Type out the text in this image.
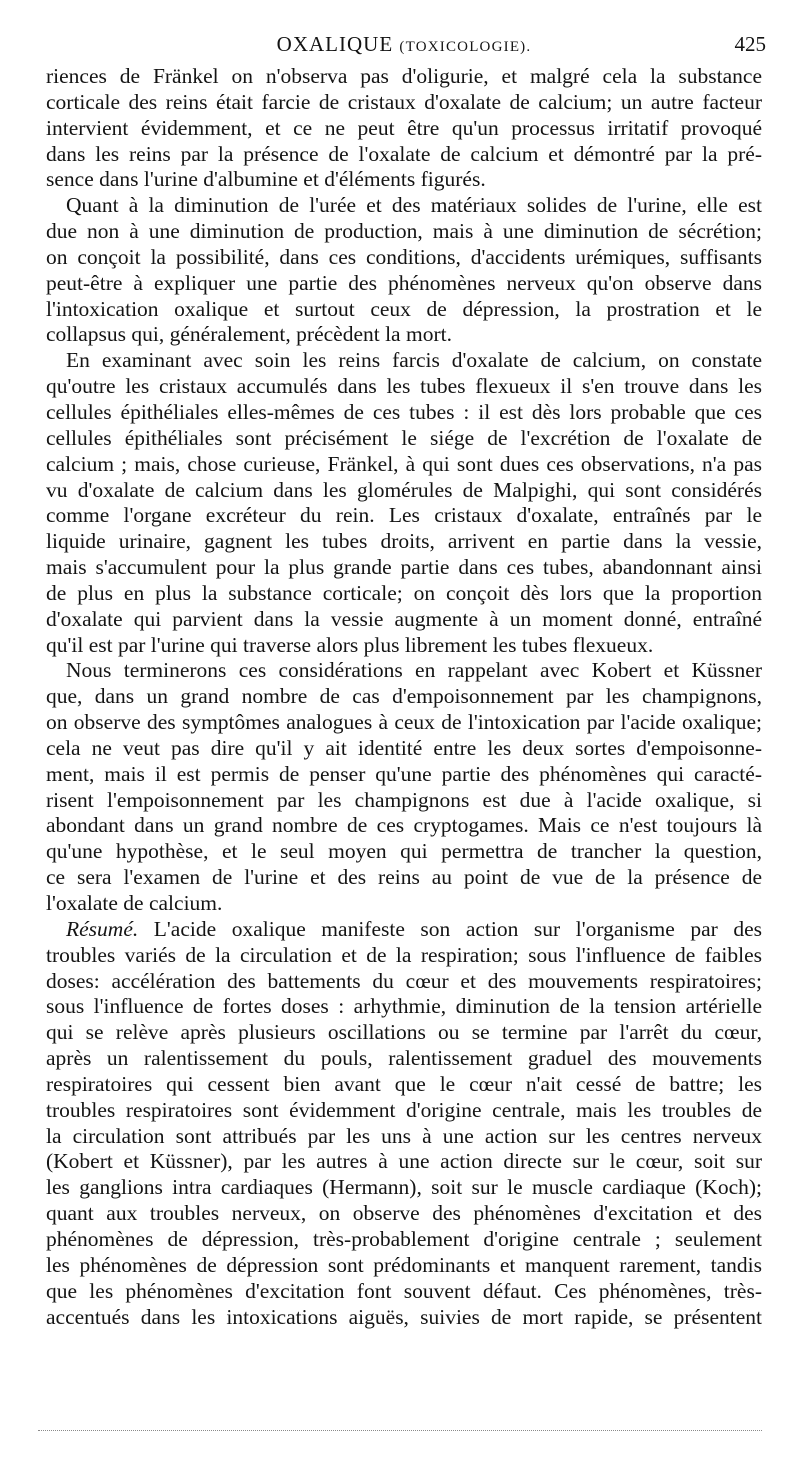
OXALIQUE (TOXICOLOGIE).	425
riences de Fränkel on n'observa pas d'oligurie, et malgré cela la substance
corticale des reins était farcie de cristaux d'oxalate de calcium; un autre facteur
intervient évidemment, et ce ne peut être qu'un processus irritatif provoqué
dans les reins par la présence de l'oxalate de calcium et démontré par la pré-
sence dans l'urine d'albumine et d'éléments figurés.
Quant à la diminution de l'urée et des matériaux solides de l'urine, elle est
due non à une diminution de production, mais à une diminution de sécrétion;
on conçoit la possibilité, dans ces conditions, d'accidents urémiques, suffisants
peut-être à expliquer une partie des phénomènes nerveux qu'on observe dans
l'intoxication oxalique et surtout ceux de dépression, la prostration et le
collapsus qui, généralement, précèdent la mort.
En examinant avec soin les reins farcis d'oxalate de calcium, on constate
qu'outre les cristaux accumulés dans les tubes flexueux il s'en trouve dans les
cellules épithéliales elles-mêmes de ces tubes : il est dès lors probable que ces
cellules épithéliales sont précisément le siége de l'excrétion de l'oxalate de
calcium ; mais, chose curieuse, Fränkel, à qui sont dues ces observations, n'a pas
vu d'oxalate de calcium dans les glomérules de Malpighi, qui sont considérés
comme l'organe excréteur du rein. Les cristaux d'oxalate, entraînés par le
liquide urinaire, gagnent les tubes droits, arrivent en partie dans la vessie,
mais s'accumulent pour la plus grande partie dans ces tubes, abandonnant ainsi
de plus en plus la substance corticale; on conçoit dès lors que la proportion
d'oxalate qui parvient dans la vessie augmente à un moment donné, entraîné
qu'il est par l'urine qui traverse alors plus librement les tubes flexueux.
Nous terminerons ces considérations en rappelant avec Kobert et Küssner
que, dans un grand nombre de cas d'empoisonnement par les champignons,
on observe des symptômes analogues à ceux de l'intoxication par l'acide oxalique;
cela ne veut pas dire qu'il y ait identité entre les deux sortes d'empoisonne-
ment, mais il est permis de penser qu'une partie des phénomènes qui caracté-
risent l'empoisonnement par les champignons est due à l'acide oxalique, si
abondant dans un grand nombre de ces cryptogames. Mais ce n'est toujours là
qu'une hypothèse, et le seul moyen qui permettra de trancher la question,
ce sera l'examen de l'urine et des reins au point de vue de la présence de
l'oxalate de calcium.
Résumé. L'acide oxalique manifeste son action sur l'organisme par des
troubles variés de la circulation et de la respiration; sous l'influence de faibles
doses: accélération des battements du cœur et des mouvements respiratoires;
sous l'influence de fortes doses : arhythmie, diminution de la tension artérielle
qui se relève après plusieurs oscillations ou se termine par l'arrêt du cœur,
après un ralentissement du pouls, ralentissement graduel des mouvements
respiratoires qui cessent bien avant que le cœur n'ait cessé de battre; les
troubles respiratoires sont évidemment d'origine centrale, mais les troubles de
la circulation sont attribués par les uns à une action sur les centres nerveux
(Kobert et Küssner), par les autres à une action directe sur le cœur, soit sur
les ganglions intra cardiaques (Hermann), soit sur le muscle cardiaque (Koch);
quant aux troubles nerveux, on observe des phénomènes d'excitation et des
phénomènes de dépression, très-probablement d'origine centrale ; seulement
les phénomènes de dépression sont prédominants et manquent rarement, tandis
que les phénomènes d'excitation font souvent défaut. Ces phénomènes, très-
accentués dans les intoxications aiguës, suivies de mort rapide, se présentent
